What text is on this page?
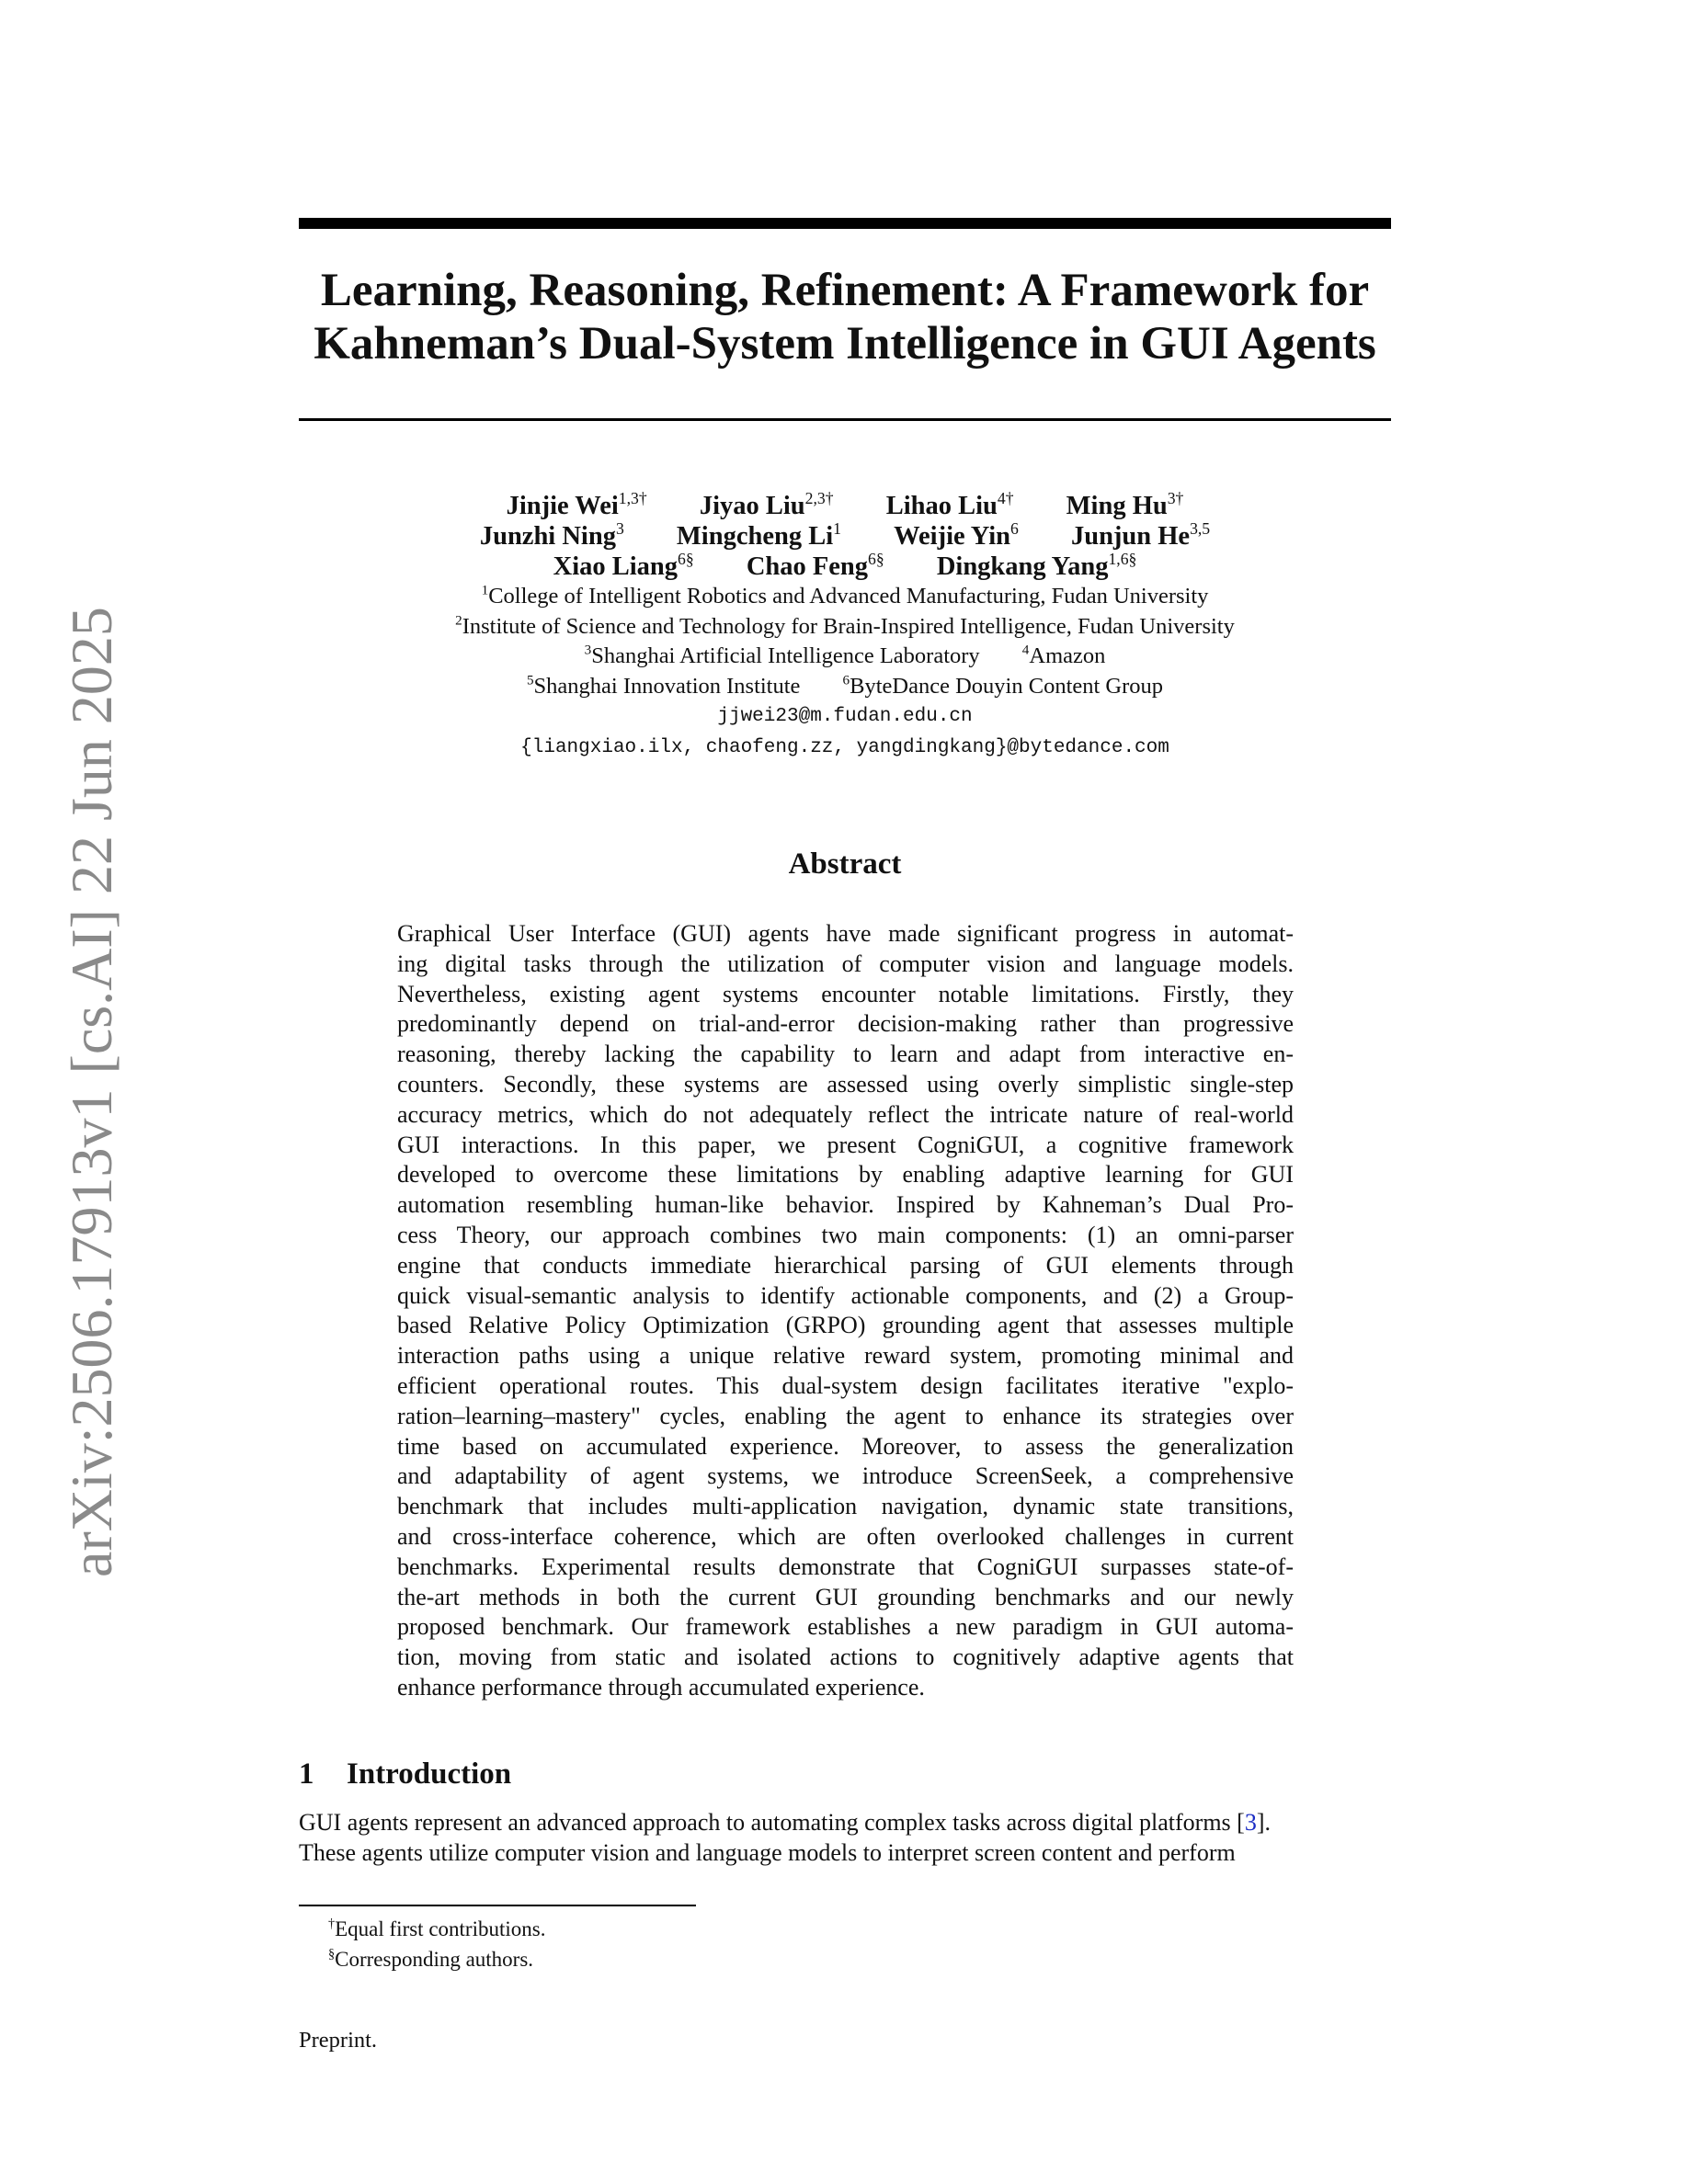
arXiv:2506.17913v1 [cs.AI] 22 Jun 2025
Learning, Reasoning, Refinement: A Framework for
Kahneman’s Dual-System Intelligence in GUI Agents
Jinjie Wei$^{1,3\dagger}$ Jiyao Liu$^{2,3\dagger}$ Lihao Liu$^{4\dagger}$ Ming $Hu^{3\dagger}$
Junzhi Ning$^3$ Mingcheng Li$^1$ Weijie Yin$^6$ Junjun He$^{3,5}$
Xiao Liang$^{6\S}$ Chao Feng$^{6\S}$ Dingkang Yang$^{1,6\S}$
$^1$College of Intelligent Robotics and Advanced Manufacturing, Fudan University
$^2$Institute of Science and Technology for Brain-Inspired Intelligence, Fudan University
$^3$Shanghai Artificial Intelligence Laboratory	$^4$Amazon
$^5$Shanghai Innovation Institute	$^6$ByteDance Douyin Content Group
jjwei23@m.fudan.edu.cn
{liangxiao.ilx, chaofeng.zz, yangdingkang}@bytedance.com
Abstract
Graphical User Interface (GUI) agents have made significant progress in automat-
ing digital tasks through the utilization of computer vision and language models.
Nevertheless, existing agent systems encounter notable limitations. Firstly, they
predominantly depend on trial-and-error decision-making rather than progressive
reasoning, thereby lacking the capability to learn and adapt from interactive en-
counters. Secondly, these systems are assessed using overly simplistic single-step
accuracy metrics, which do not adequately reflect the intricate nature of real-world
GUI interactions. In this paper, we present CogniGUI, a cognitive framework
developed to overcome these limitations by enabling adaptive learning for GUI
automation resembling human-like behavior. Inspired by Kahneman’s Dual Pro-
cess Theory, our approach combines two main components: (1) an omni-parser
engine that conducts immediate hierarchical parsing of GUI elements through
quick visual-semantic analysis to identify actionable components, and (2) a Group-
based Relative Policy Optimization (GRPO) grounding agent that assesses multiple
interaction paths using a unique relative reward system, promoting minimal and
efficient operational routes. This dual-system design facilitates iterative "explo-
ration–learning–mastery" cycles, enabling the agent to enhance its strategies over
time based on accumulated experience. Moreover, to assess the generalization
and adaptability of agent systems, we introduce ScreenSeek, a comprehensive
benchmark that includes multi-application navigation, dynamic state transitions,
and cross-interface coherence, which are often overlooked challenges in current
benchmarks. Experimental results demonstrate that CogniGUI surpasses state-of-
the-art methods in both the current GUI grounding benchmarks and our newly
proposed benchmark. Our framework establishes a new paradigm in GUI automa-
tion, moving from static and isolated actions to cognitively adaptive agents that
enhance performance through accumulated experience.
1 Introduction
GUI agents represent an advanced approach to automating complex tasks across digital platforms [3].
These agents utilize computer vision and language models to interpret screen content and perform
†Equal first contributions.
§Corresponding authors.
Preprint.
